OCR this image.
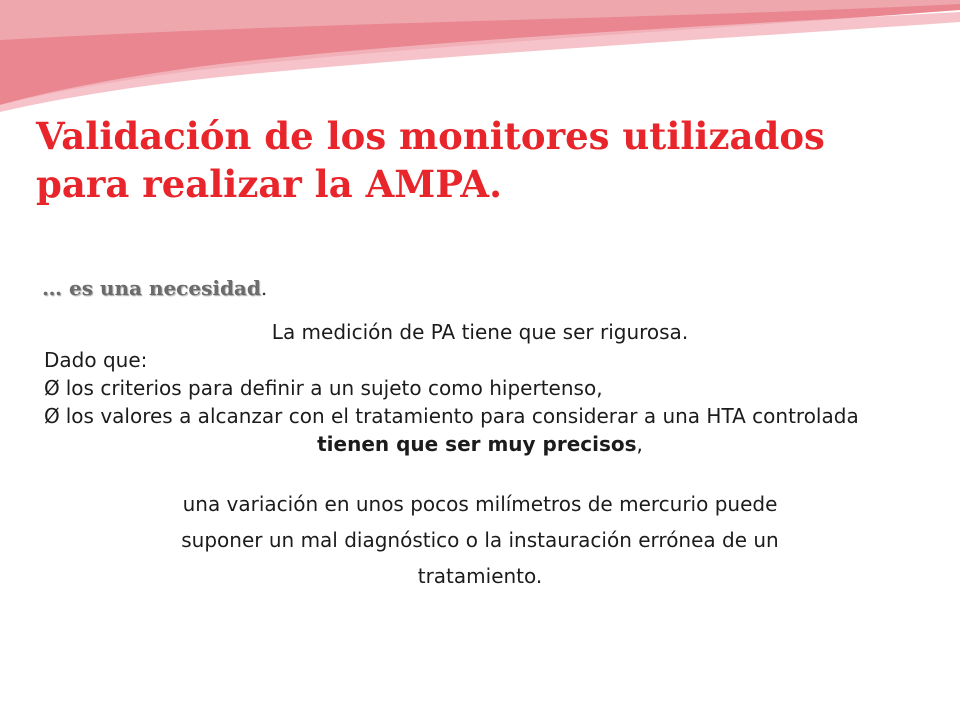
Validación de los monitores utilizados
para realizar la AMPA.
… es una necesidad.

La medición de PA tiene que ser rigurosa.

Dado que:

Ø los criterios para definir a un sujeto como hipertenso,

Ø los valores a alcanzar con el tratamiento para considerar a una HTA controlada

tienen que ser muy precisos,

una variación en unos pocos milímetros de mercurio puede
suponer un mal diagnóstico o la instauración errónea de un
tratamiento.
